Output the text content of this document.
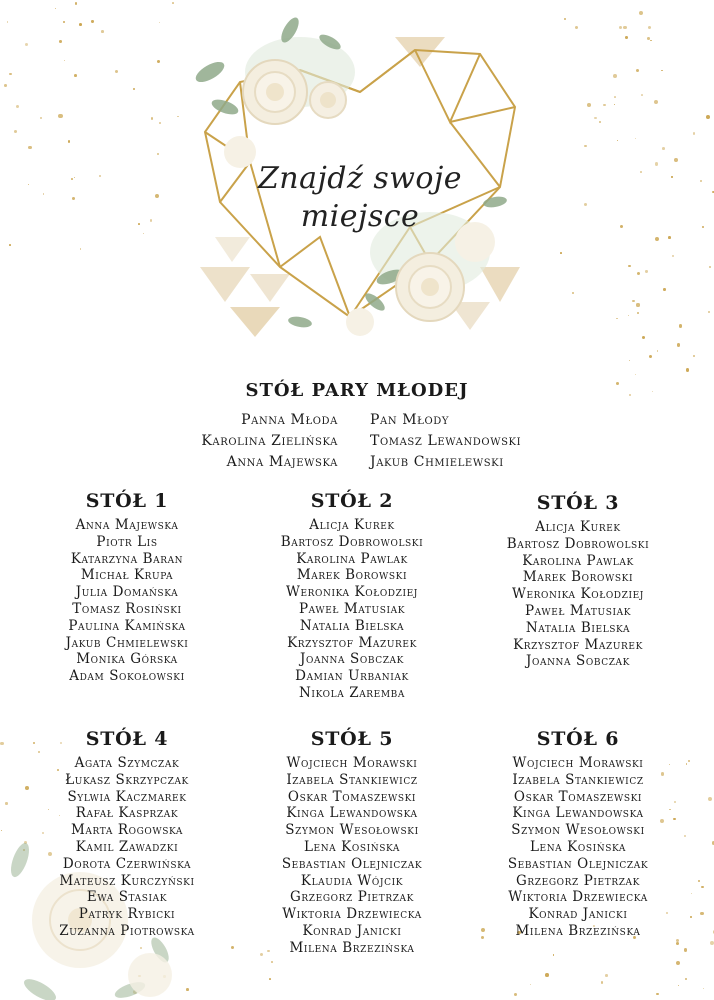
Znajdź swoje
miejsce
STÓŁ PARY MŁODEJ
Panna Młoda
Karolina Zielińska
Anna Majewska
Pan Młody
Tomasz Lewandowski
Jakub Chmielewski
STÓŁ 1
Anna Majewska
Piotr Lis
Katarzyna Baran
Michał Krupa
Julia Domańska
Tomasz Rosiński
Paulina Kamińska
Jakub Chmielewski
Monika Górska
Adam Sokołowski
STÓŁ 2
Alicja Kurek
Bartosz Dobrowolski
Karolina Pawlak
Marek Borowski
Weronika Kołodziej
Paweł Matusiak
Natalia Bielska
Krzysztof Mazurek
Joanna Sobczak
Damian Urbaniak
Nikola Zaremba
STÓŁ 3
Alicja Kurek
Bartosz Dobrowolski
Karolina Pawlak
Marek Borowski
Weronika Kołodziej
Paweł Matusiak
Natalia Bielska
Krzysztof Mazurek
Joanna Sobczak
STÓŁ 4
Agata Szymczak
Łukasz Skrzypczak
Sylwia Kaczmarek
Rafał Kasprzak
Marta Rogowska
Kamil Zawadzki
Dorota Czerwińska
Mateusz Kurczyński
Ewa Stasiak
Patryk Rybicki
Zuzanna Piotrowska
STÓŁ 5
Wojciech Morawski
Izabela Stankiewicz
Oskar Tomaszewski
Kinga Lewandowska
Szymon Wesołowski
Lena Kosińska
Sebastian Olejniczak
Klaudia Wójcik
Grzegorz Pietrzak
Wiktoria Drzewiecka
Konrad Janicki
Milena Brzezińska
STÓŁ 6
Wojciech Morawski
Izabela Stankiewicz
Oskar Tomaszewski
Kinga Lewandowska
Szymon Wesołowski
Lena Kosińska
Sebastian Olejniczak
Grzegorz Pietrzak
Wiktoria Drzewiecka
Konrad Janicki
Milena Brzezińska
